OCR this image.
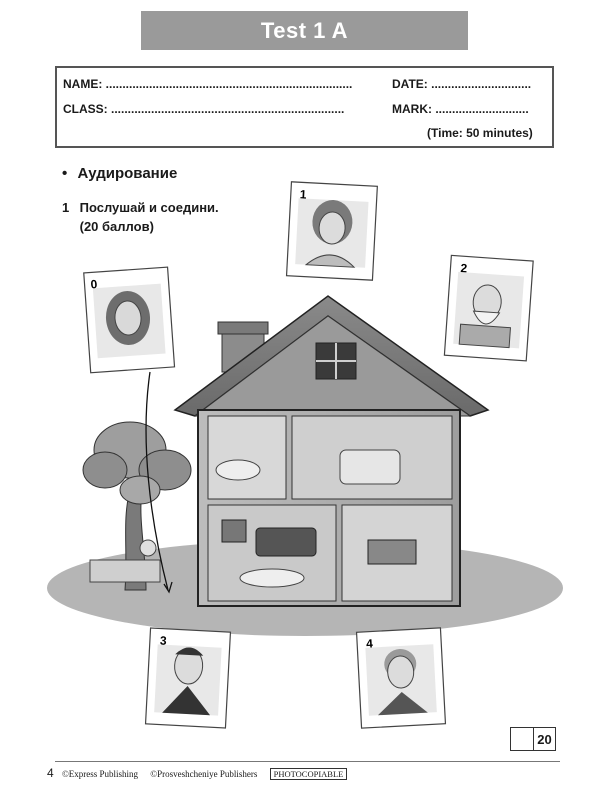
Test 1 A
NAME: ..........................................................................	DATE: ..............................
CLASS: ......................................................................	MARK: ............................
(Time: 50 minutes)
• Аудирование
1 Послушай и соедини.
(20 баллов)
0
1
2
3	4
20
4 ©Express Publishing ©Prosveshcheniye Publishers PHOTOCOPIABLE
